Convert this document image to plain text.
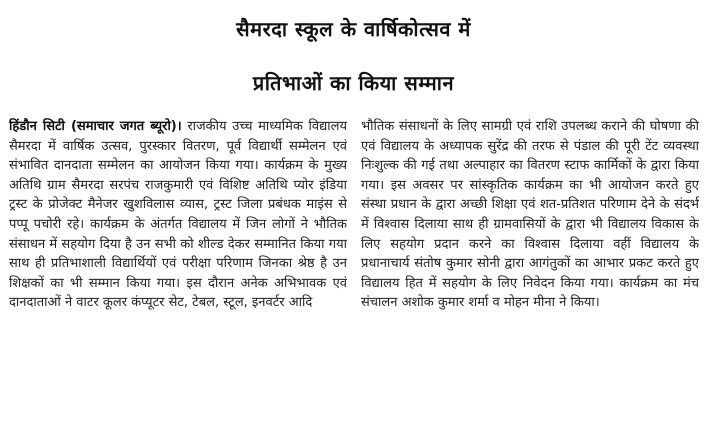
सैमरदा स्कूल के वार्षिकोत्सव में
प्रतिभाओं का किया सम्मान

हिंडौन सिटी (समाचार जगत ब्यूरो)। राजकीय उच्च माध्यमिक विद्यालय सैमरदा में वार्षिक उत्सव, पुरस्कार वितरण, पूर्व विद्यार्थी सम्मेलन एवं संभावित दानदाता सम्मेलन का आयोजन किया गया। कार्यक्रम के मुख्य अतिथि ग्राम सैमरदा सरपंच राजकुमारी एवं विशिष्ट अतिथि प्योर इंडिया ट्रस्ट के प्रोजेक्ट मैनेजर खुशविलास व्यास, ट्रस्ट जिला प्रबंधक माइंस से पप्पू पचोरी रहे। कार्यक्रम के अंतर्गत विद्यालय में जिन लोगों ने भौतिक संसाधन में सहयोग दिया है उन सभी को शील्ड देकर सम्मानित किया गया साथ ही प्रतिभाशाली विद्यार्थियों एवं परीक्षा परिणाम जिनका श्रेष्ठ है उन शिक्षकों का भी सम्मान किया गया। इस दौरान अनेक अभिभावक एवं दानदाताओं ने वाटर कूलर कंप्यूटर सेट, टेबल, स्टूल, इनवर्टर आदि

भौतिक संसाधनों के लिए सामग्री एवं राशि उपलब्ध कराने की घोषणा की एवं विद्यालय के अध्यापक सुरेंद्र की तरफ से पंडाल की पूरी टेंट व्यवस्था निःशुल्क की गई तथा अल्पाहार का वितरण स्टाफ कार्मिकों के द्वारा किया गया। इस अवसर पर सांस्कृतिक कार्यक्रम का भी आयोजन करते हुए संस्था प्रधान के द्वारा अच्छी शिक्षा एवं शत-प्रतिशत परिणाम देने के संदर्भ में विश्वास दिलाया साथ ही ग्रामवासियों के द्वारा भी विद्यालय विकास के लिए सहयोग प्रदान करने का विश्वास दिलाया वहीं विद्यालय के प्रधानाचार्य संतोष कुमार सोनी द्वारा आगंतुकों का आभार प्रकट करते हुए विद्यालय हित में सहयोग के लिए निवेदन किया गया। कार्यक्रम का मंच संचालन अशोक कुमार शर्मा व मोहन मीना ने किया।
